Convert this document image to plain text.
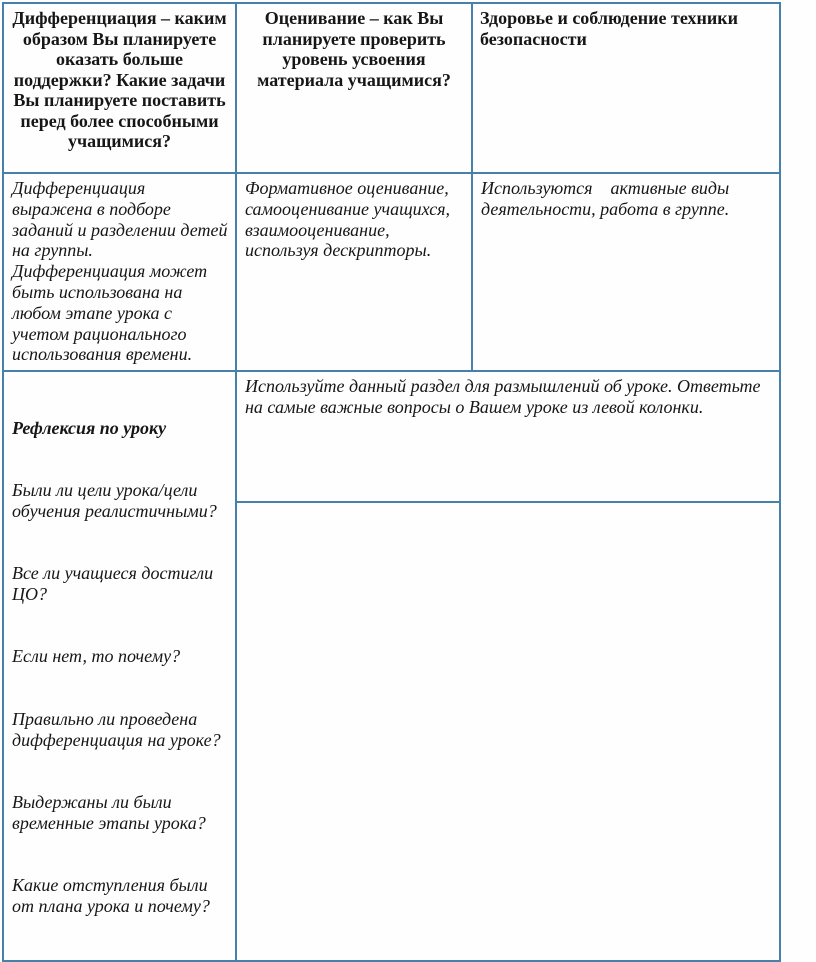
Дифференциация – каким образом Вы планируете оказать больше поддержки? Какие задачи Вы планируете поставить перед более способными учащимися?	Оценивание – как Вы планируете проверить уровень усвоения материала учащимися?	Здоровье и соблюдение техники безопасности
Дифференциация выражена в подборе заданий и разделении детей на группы. Дифференциация может быть использована на любом этапе урока с учетом рационального использования времени.	Формативное оценивание, самооценивание учащихся, взаимооценивание, используя дескрипторы.	Используются    активные виды деятельности, работа в группе.

Рефлексия по уроку

Были ли цели урока/цели обучения реалистичными?

Все ли учащиеся достигли ЦО?

Если нет, то почему?

Правильно ли проведена дифференциация на уроке?

Выдержаны ли были временные этапы урока?

Какие отступления были от плана урока и почему?

	Используйте данный раздел для размышлений об уроке. Ответьте на самые важные вопросы о Вашем уроке из левой колонки.
